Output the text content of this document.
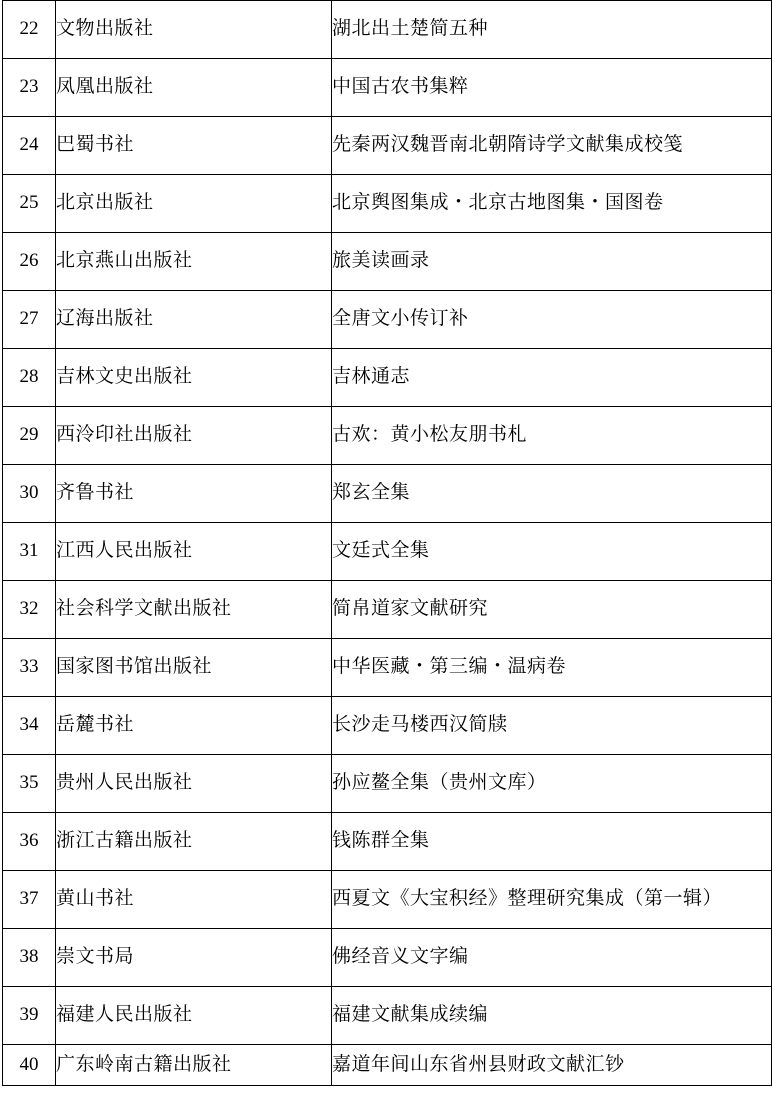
22	文物出版社	湖北出土楚简五种
23	凤凰出版社	中国古农书集粹
24	巴蜀书社	先秦两汉魏晋南北朝隋诗学文献集成校笺
25	北京出版社	北京舆图集成・北京古地图集・国图卷
26	北京燕山出版社	旅美读画录
27	辽海出版社	全唐文小传订补
28	吉林文史出版社	吉林通志
29	西泠印社出版社	古欢：黄小松友朋书札
30	齐鲁书社	郑玄全集
31	江西人民出版社	文廷式全集
32	社会科学文献出版社	简帛道家文献研究
33	国家图书馆出版社	中华医藏・第三编・温病卷
34	岳麓书社	长沙走马楼西汉简牍
35	贵州人民出版社	孙应鳌全集（贵州文库）
36	浙江古籍出版社	钱陈群全集
37	黄山书社	西夏文《大宝积经》整理研究集成（第一辑）
38	崇文书局	佛经音义文字编
39	福建人民出版社	福建文献集成续编
40	广东岭南古籍出版社	嘉道年间山东省州县财政文献汇钞
